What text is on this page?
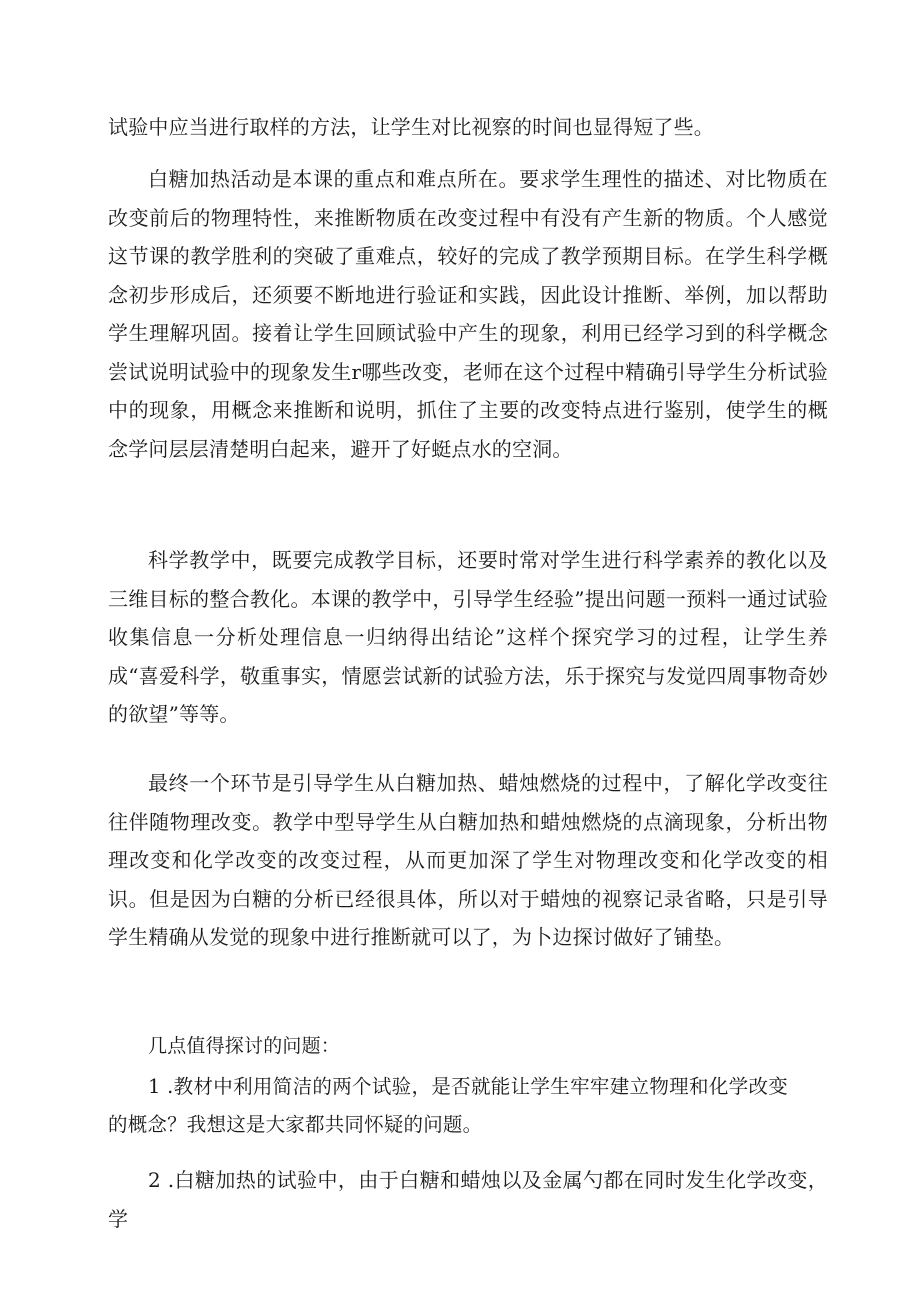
试验中应当进行取样的方法，让学生对比视察的时间也显得短了些。

白糖加热活动是本课的重点和难点所在。要求学生理性的描述、对比物质在改变前后的物理特性，来推断物质在改变过程中有没有产生新的物质。个人感觉这节课的教学胜利的突破了重难点，较好的完成了教学预期目标。在学生科学概念初步形成后，还须要不断地进行验证和实践，因此设计推断、举例，加以帮助学生理解巩固。接着让学生回顾试验中产生的现象，利用已经学习到的科学概念尝试说明试验中的现象发生r哪些改变，老师在这个过程中精确引导学生分析试验中的现象，用概念来推断和说明，抓住了主要的改变特点进行鉴别，使学生的概念学问层层清楚明白起来，避开了好蜓点水的空洞。

科学教学中，既要完成教学目标，还要时常对学生进行科学素养的教化以及三维目标的整合教化。本课的教学中，引导学生经验”提出问题一预料一通过试验收集信息一分析处理信息一归纳得出结论”这样个探究学习的过程，让学生养成“喜爱科学，敬重事实，情愿尝试新的试验方法，乐于探究与发觉四周事物奇妙的欲望”等等。

最终一个环节是引导学生从白糖加热、蜡烛燃烧的过程中，了解化学改变往往伴随物理改变。教学中型导学生从白糖加热和蜡烛燃烧的点滴现象，分析出物理改变和化学改变的改变过程，从而更加深了学生对物理改变和化学改变的相识。但是因为白糖的分析已经很具体，所以对于蜡烛的视察记录省略，只是引导学生精确从发觉的现象中进行推断就可以了，为卜边探讨做好了铺垫。

几点值得探讨的问题：

1 .教材中利用简洁的两个试验，是否就能让学生牢牢建立物理和化学改变的概念？我想这是大家都共同怀疑的问题。

2 .白糖加热的试验中，由于白糖和蜡烛以及金属勺都在同时发生化学改变，学
